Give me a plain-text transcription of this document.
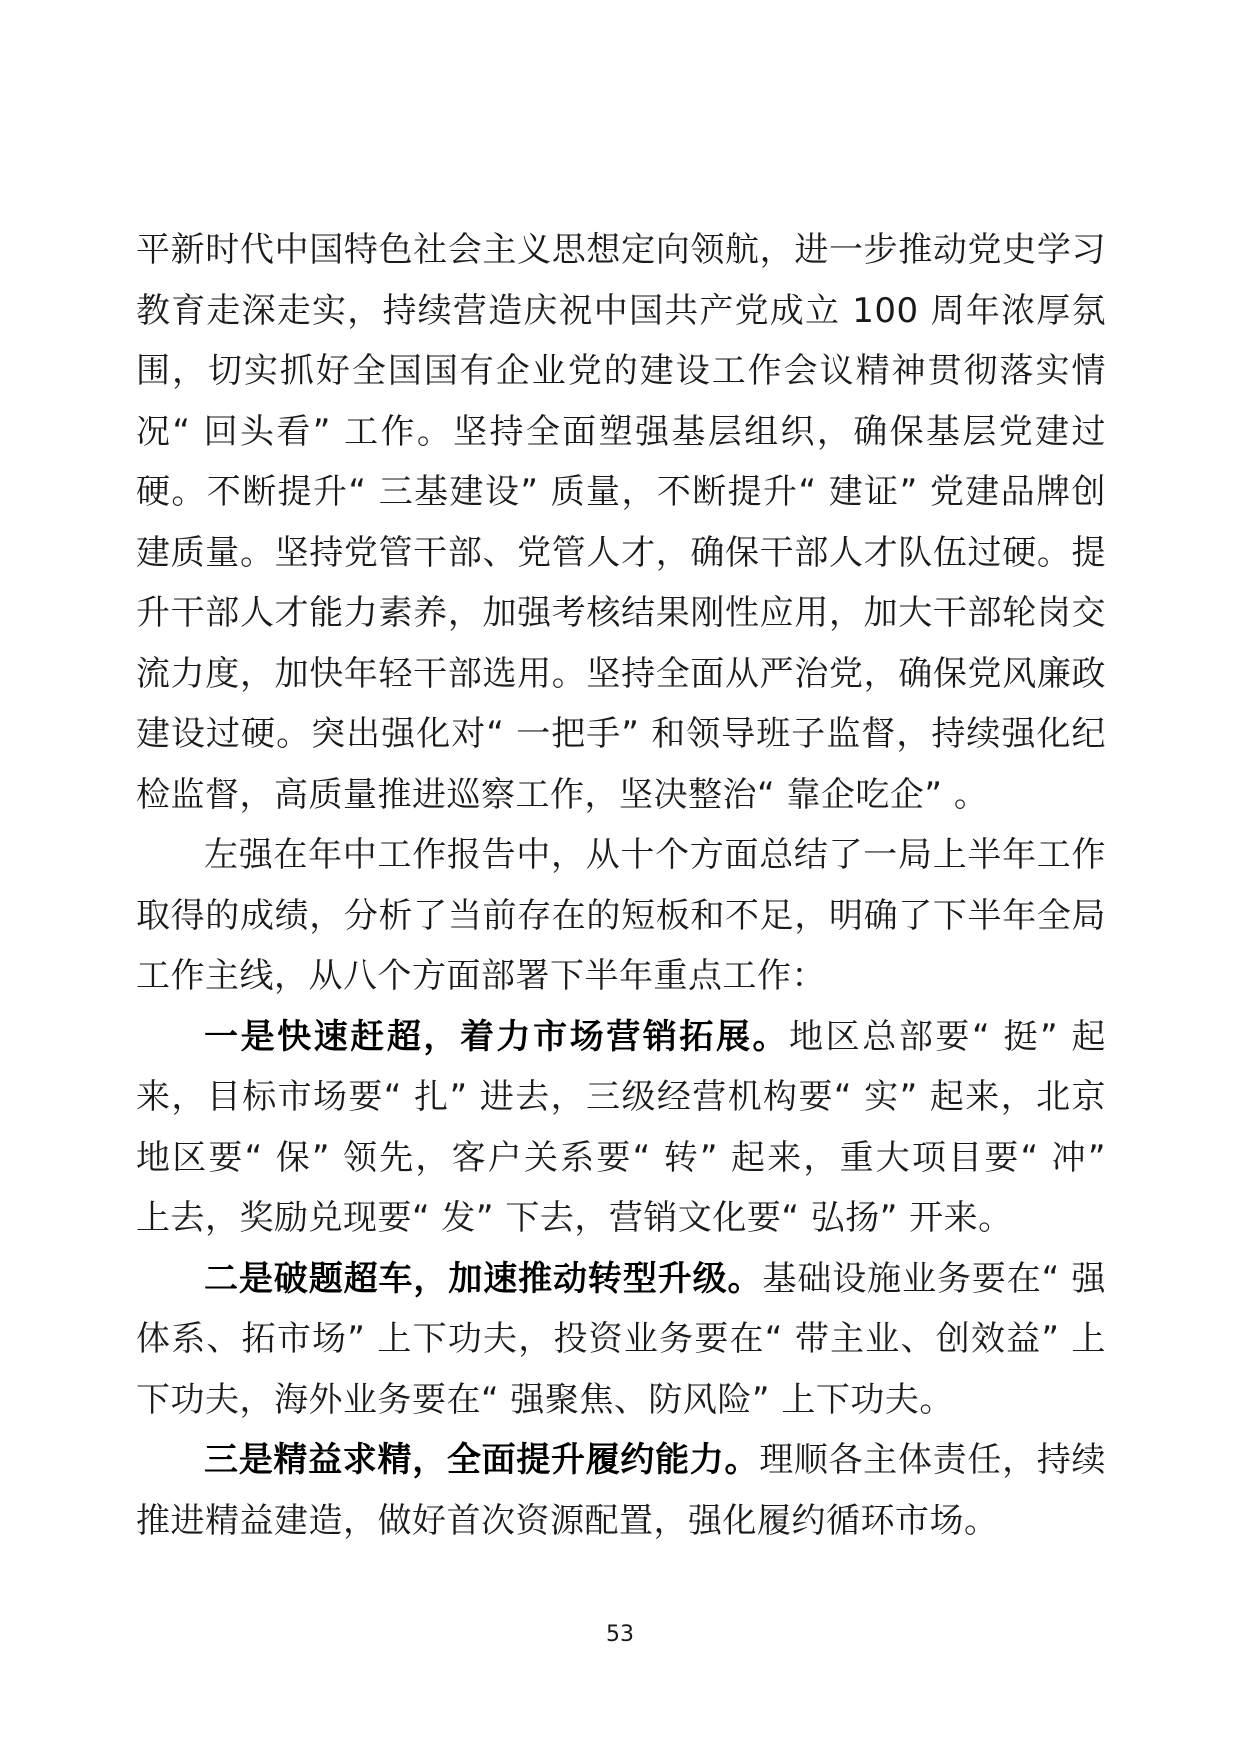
平新时代中国特色社会主义思想定向领航，进一步推动党史学习教育走深走实，持续营造庆祝中国共产党成立 100 周年浓厚氛围，切实抓好全国国有企业党的建设工作会议精神贯彻落实情况“ 回头看” 工作。坚持全面塑强基层组织，确保基层党建过硬。不断提升“ 三基建设” 质量，不断提升“ 建证” 党建品牌创建质量。坚持党管干部、党管人才，确保干部人才队伍过硬。提升干部人才能力素养，加强考核结果刚性应用，加大干部轮岗交流力度，加快年轻干部选用。坚持全面从严治党，确保党风廉政建设过硬。突出强化对“ 一把手” 和领导班子监督，持续强化纪检监督，高质量推进巡察工作，坚决整治“ 靠企吃企” 。

左强在年中工作报告中，从十个方面总结了一局上半年工作取得的成绩，分析了当前存在的短板和不足，明确了下半年全局工作主线，从八个方面部署下半年重点工作：

一是快速赶超，着力市场营销拓展。地区总部要“ 挺” 起来，目标市场要“ 扎” 进去，三级经营机构要“ 实” 起来，北京地区要“ 保” 领先，客户关系要“ 转” 起来，重大项目要“ 冲” 上去，奖励兑现要“ 发” 下去，营销文化要“ 弘扬” 开来。

二是破题超车，加速推动转型升级。基础设施业务要在“ 强体系、拓市场” 上下功夫，投资业务要在“ 带主业、创效益” 上下功夫，海外业务要在“ 强聚焦、防风险” 上下功夫。

三是精益求精，全面提升履约能力。理顺各主体责任，持续推进精益建造，做好首次资源配置，强化履约循环市场。

53
